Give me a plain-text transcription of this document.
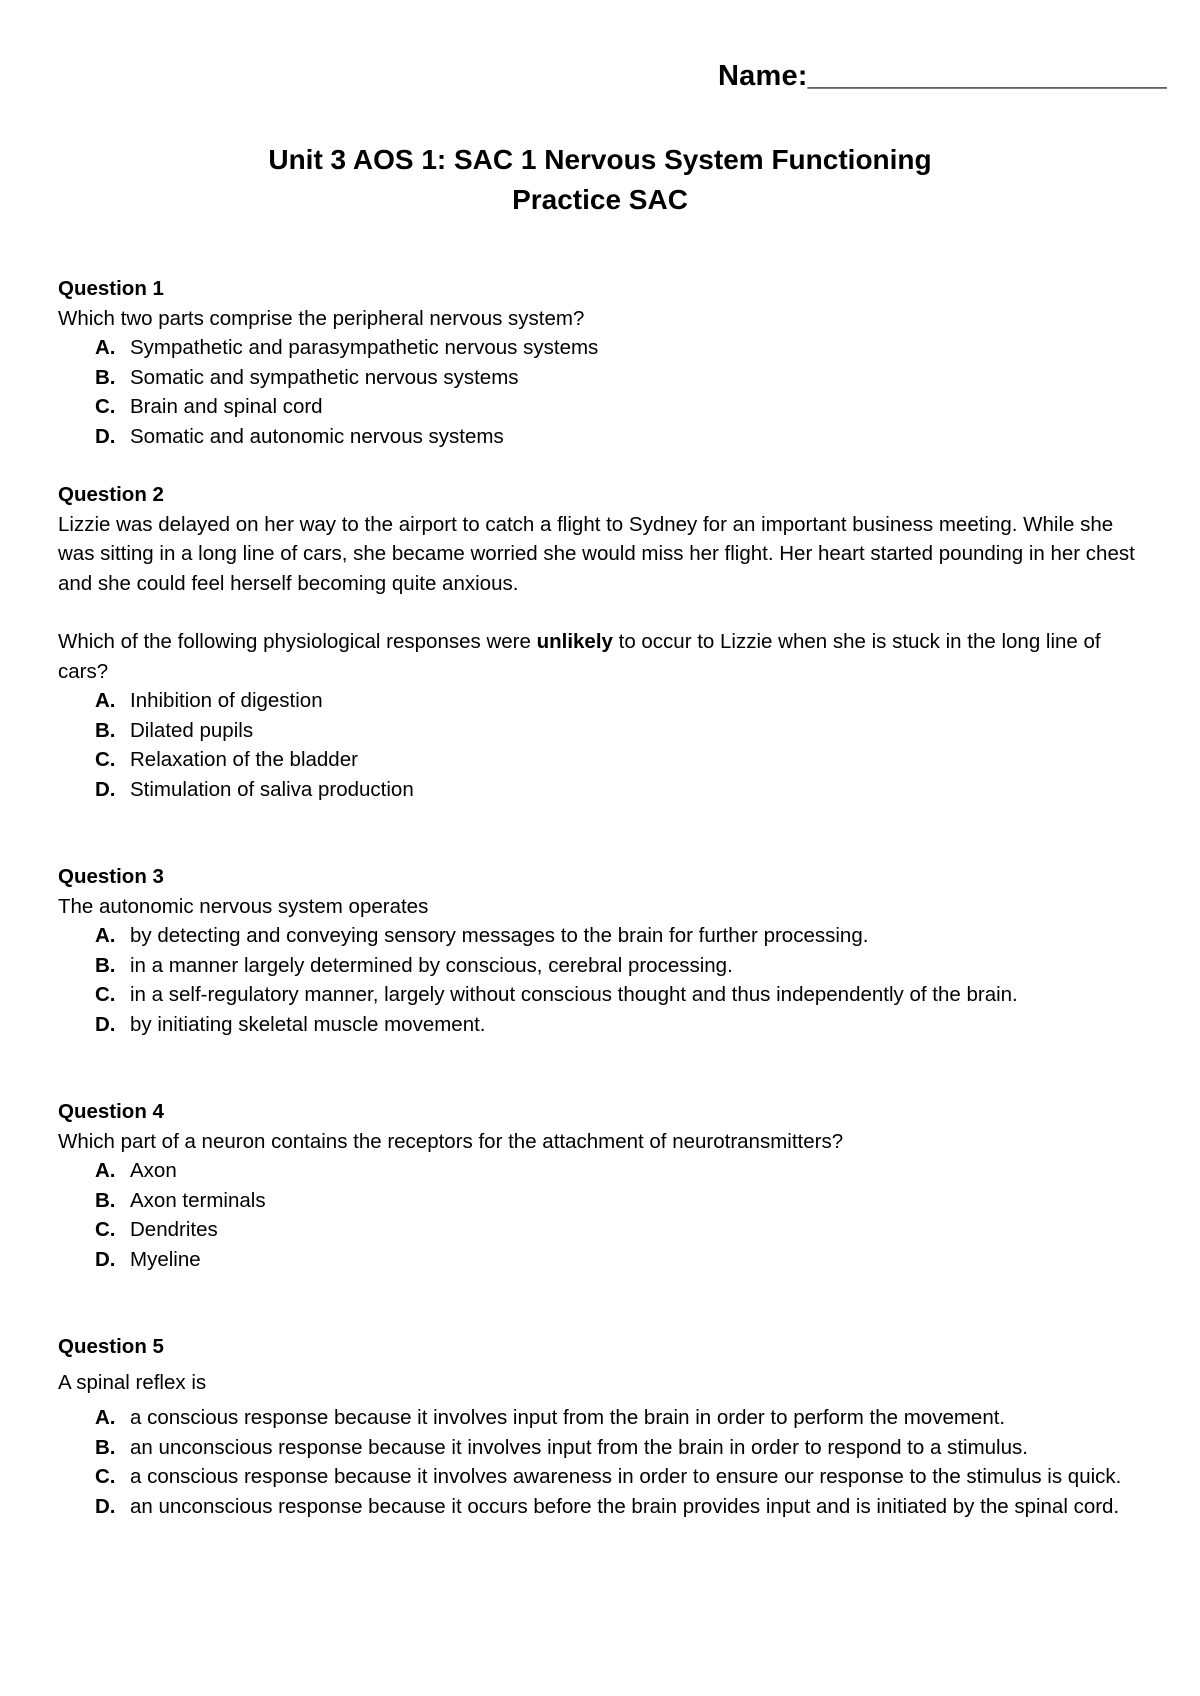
Name:______________________
Unit 3 AOS 1: SAC 1 Nervous System Functioning
Practice SAC
Question 1
Which two parts comprise the peripheral nervous system?
A. Sympathetic and parasympathetic nervous systems
B. Somatic and sympathetic nervous systems
C. Brain and spinal cord
D. Somatic and autonomic nervous systems
Question 2
Lizzie was delayed on her way to the airport to catch a flight to Sydney for an important business meeting. While she was sitting in a long line of cars, she became worried she would miss her flight. Her heart started pounding in her chest and she could feel herself becoming quite anxious.
Which of the following physiological responses were unlikely to occur to Lizzie when she is stuck in the long line of cars?
A. Inhibition of digestion
B. Dilated pupils
C. Relaxation of the bladder
D. Stimulation of saliva production
Question 3
The autonomic nervous system operates
A. by detecting and conveying sensory messages to the brain for further processing.
B. in a manner largely determined by conscious, cerebral processing.
C. in a self-regulatory manner, largely without conscious thought and thus independently of the brain.
D. by initiating skeletal muscle movement.
Question 4
Which part of a neuron contains the receptors for the attachment of neurotransmitters?
A. Axon
B. Axon terminals
C. Dendrites
D. Myeline
Question 5
A spinal reflex is
A. a conscious response because it involves input from the brain in order to perform the movement.
B. an unconscious response because it involves input from the brain in order to respond to a stimulus.
C. a conscious response because it involves awareness in order to ensure our response to the stimulus is quick.
D. an unconscious response because it occurs before the brain provides input and is initiated by the spinal cord.
